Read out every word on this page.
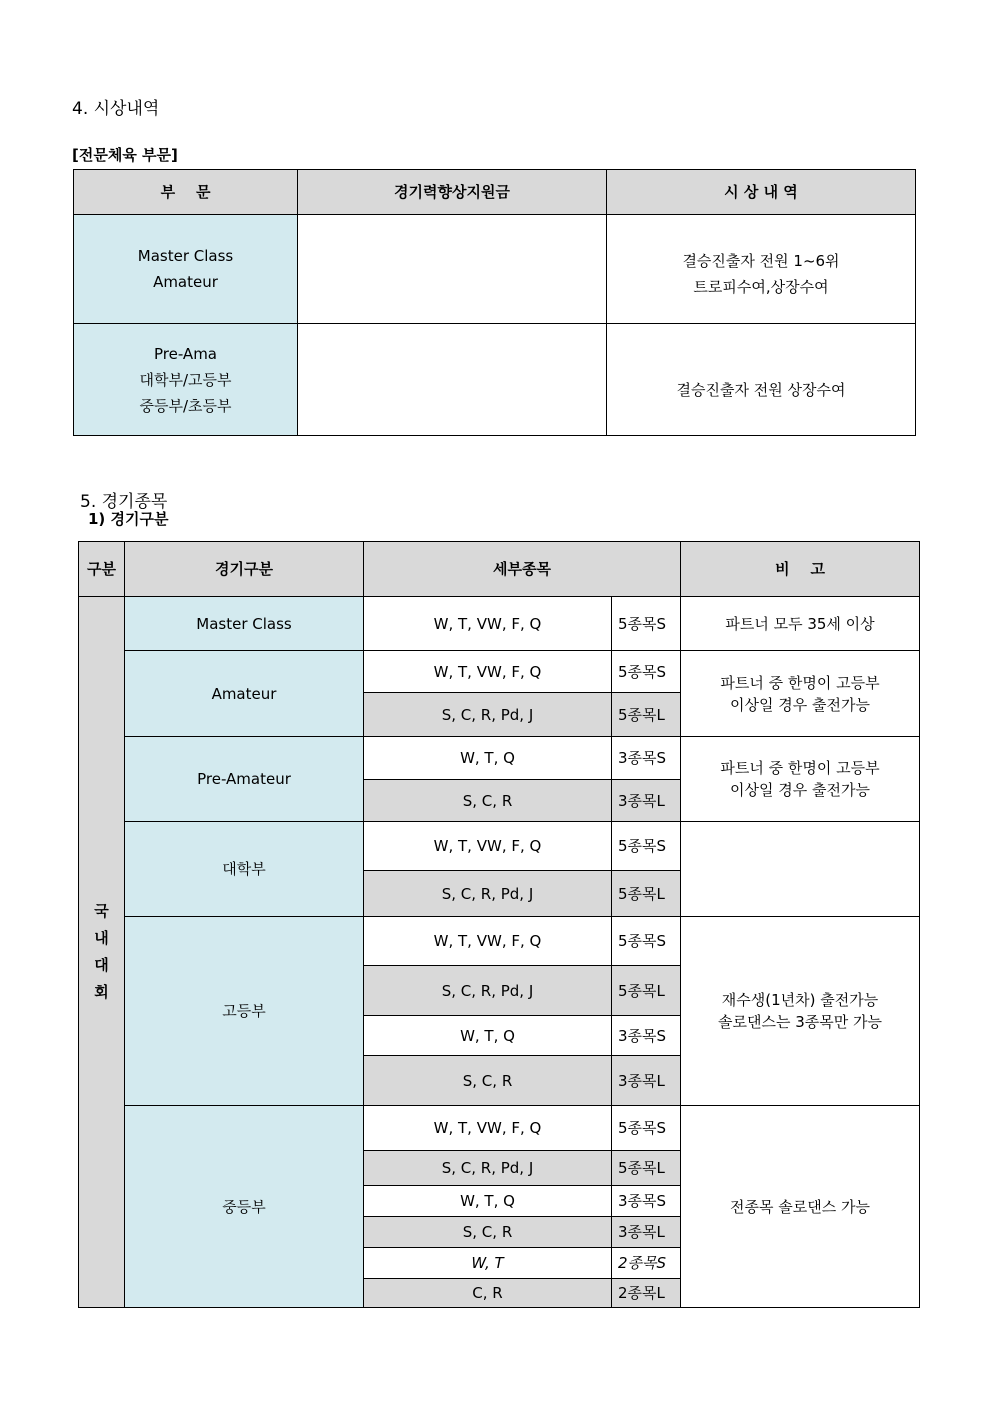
4. 시상내역
[전문체육 부문]
부    문	경기력향상지원금	시 상 내 역

Master Class
Amateur		결승진출자 전원 1~6위
트로피수여,상장수여

Pre-Ama
대학부/고등부
중등부/초등부		결승진출자 전원 상장수여
5. 경기종목
1) 경기구분
구분	경기구분	세부종목		비    고

국
내
대
회	Master Class	W, T, VW, F, Q	5종목S	파트너 모두 35세 이상

	Amateur	W, T, VW, F, Q	5종목S	파트너 중 한명이 고등부
이상일 경우 출전가능

		S, C, R, Pd, J	5종목L	
	Pre-Amateur	W, T, Q	3종목S	파트너 중 한명이 고등부
이상일 경우 출전가능

		S, C, R	3종목L	
	대학부	W, T, VW, F, Q	5종목S	
		S, C, R, Pd, J	5종목L	
	고등부	W, T, VW, F, Q	5종목S	재수생(1년차) 출전가능
솔로댄스는 3종목만 가능

		S, C, R, Pd, J	5종목L	
		W, T, Q	3종목S	
		S, C, R	3종목L	
	중등부	W, T, VW, F, Q	5종목S	전종목 솔로댄스 가능

		S, C, R, Pd, J	5종목L	
		W, T, Q	3종목S	
		S, C, R	3종목L	
		W, T	2종목S	
		C, R	2종목L	
